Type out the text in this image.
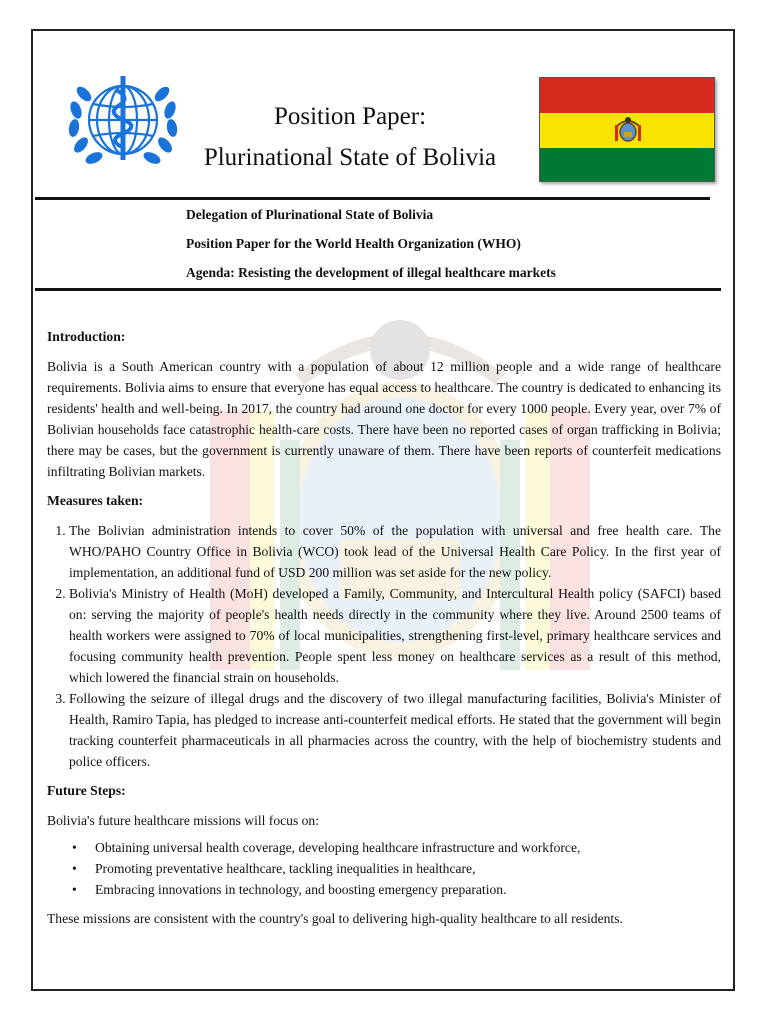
Position Paper:
Plurinational State of Bolivia
Delegation of Plurinational State of Bolivia
Position Paper for the World Health Organization (WHO)
Agenda: Resisting the development of illegal healthcare markets
Introduction:

Bolivia is a South American country with a population of about 12 million people and a wide range of healthcare requirements. Bolivia aims to ensure that everyone has equal access to healthcare. The country is dedicated to enhancing its residents' health and well-being. In 2017, the country had around one doctor for every 1000 people. Every year, over 7% of Bolivian households face catastrophic health-care costs. There have been no reported cases of organ trafficking in Bolivia; there may be cases, but the government is currently unaware of them. There have been reports of counterfeit medications infiltrating Bolivian markets.

Measures taken:
1. The Bolivian administration intends to cover 50% of the population with universal and free health care. The WHO/PAHO Country Office in Bolivia (WCO) took lead of the Universal Health Care Policy. In the first year of implementation, an additional fund of USD 200 million was set aside for the new policy.
2. Bolivia's Ministry of Health (MoH) developed a Family, Community, and Intercultural Health policy (SAFCI) based on: serving the majority of people's health needs directly in the community where they live. Around 2500 teams of health workers were assigned to 70% of local municipalities, strengthening first-level, primary healthcare services and focusing community health prevention. People spent less money on healthcare services as a result of this method, which lowered the financial strain on households.
3. Following the seizure of illegal drugs and the discovery of two illegal manufacturing facilities, Bolivia's Minister of Health, Ramiro Tapia, has pledged to increase anti-counterfeit medical efforts. He stated that the government will begin tracking counterfeit pharmaceuticals in all pharmacies across the country, with the help of biochemistry students and police officers.
Future Steps:

Bolivia's future healthcare missions will focus on:

• Obtaining universal health coverage, developing healthcare infrastructure and workforce,
• Promoting preventative healthcare, tackling inequalities in healthcare,
• Embracing innovations in technology, and boosting emergency preparation.

These missions are consistent with the country's goal to delivering high-quality healthcare to all residents.
